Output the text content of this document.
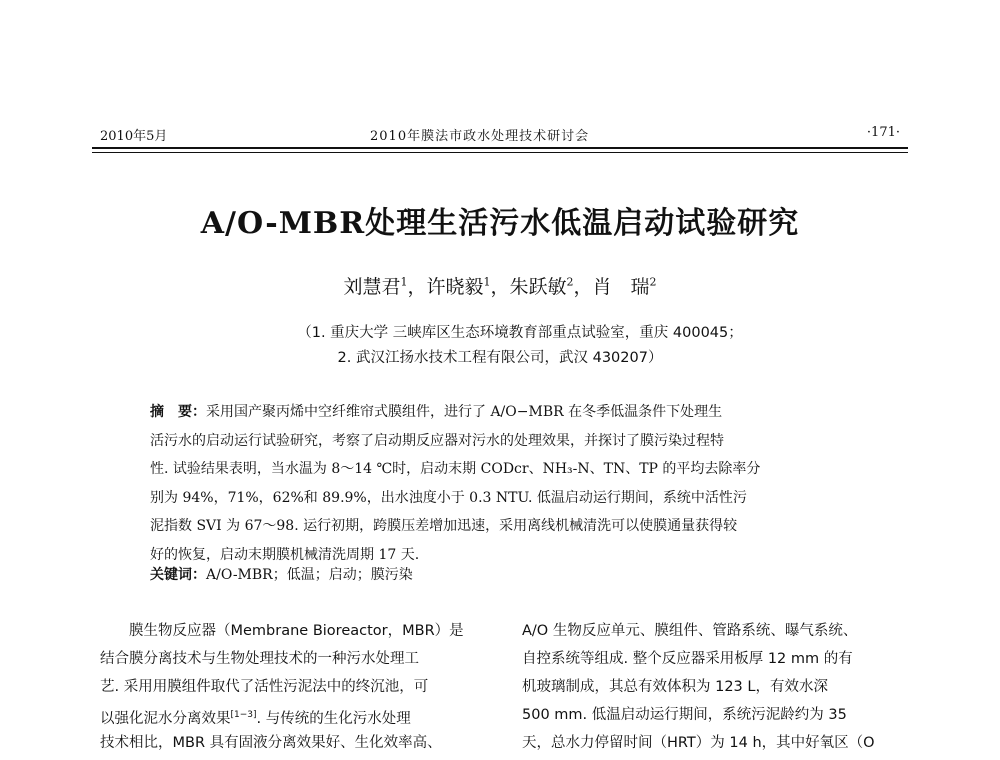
2010年5月	2010年膜法市政水处理技术研讨会	·171·
A/O-MBR处理生活污水低温启动试验研究
刘慧君$^1$，许晓毅$^1$，朱跃敏$^2$，肖　瑞$^2$
（1. 重庆大学 三峡库区生态环境教育部重点试验室，重庆 400045；
2. 武汉江扬水技术工程有限公司，武汉 430207）
摘　要：采用国产聚丙烯中空纤维帘式膜组件，进行了 A/O−MBR 在冬季低温条件下处理生
活污水的启动运行试验研究，考察了启动期反应器对污水的处理效果，并探讨了膜污染过程特
性. 试验结果表明，当水温为 8～14 ℃时，启动末期 CODcr、NH₃-N、TN、TP 的平均去除率分
别为 94%，71%，62%和 89.9%，出水浊度小于 0.3 NTU. 低温启动运行期间，系统中活性污
泥指数 SVI 为 67～98. 运行初期，跨膜压差增加迅速，采用离线机械清洗可以使膜通量获得较
好的恢复，启动末期膜机械清洗周期 17 天.
关键词：A/O-MBR；低温；启动；膜污染
　　膜生物反应器（Membrane Bioreactor，MBR）是
结合膜分离技术与生物处理技术的一种污水处理工
艺. 采用用膜组件取代了活性污泥法中的终沉池，可
以强化泥水分离效果[1−3]. 与传统的生化污水处理
技术相比，MBR 具有固液分离效果好、生化效率高、
A/O 生物反应单元、膜组件、管路系统、曝气系统、
自控系统等组成. 整个反应器采用板厚 12 mm 的有
机玻璃制成，其总有效体积为 123 L，有效水深
500 mm. 低温启动运行期间，系统污泥龄约为 35
天，总水力停留时间（HRT）为 14 h，其中好氧区（O
